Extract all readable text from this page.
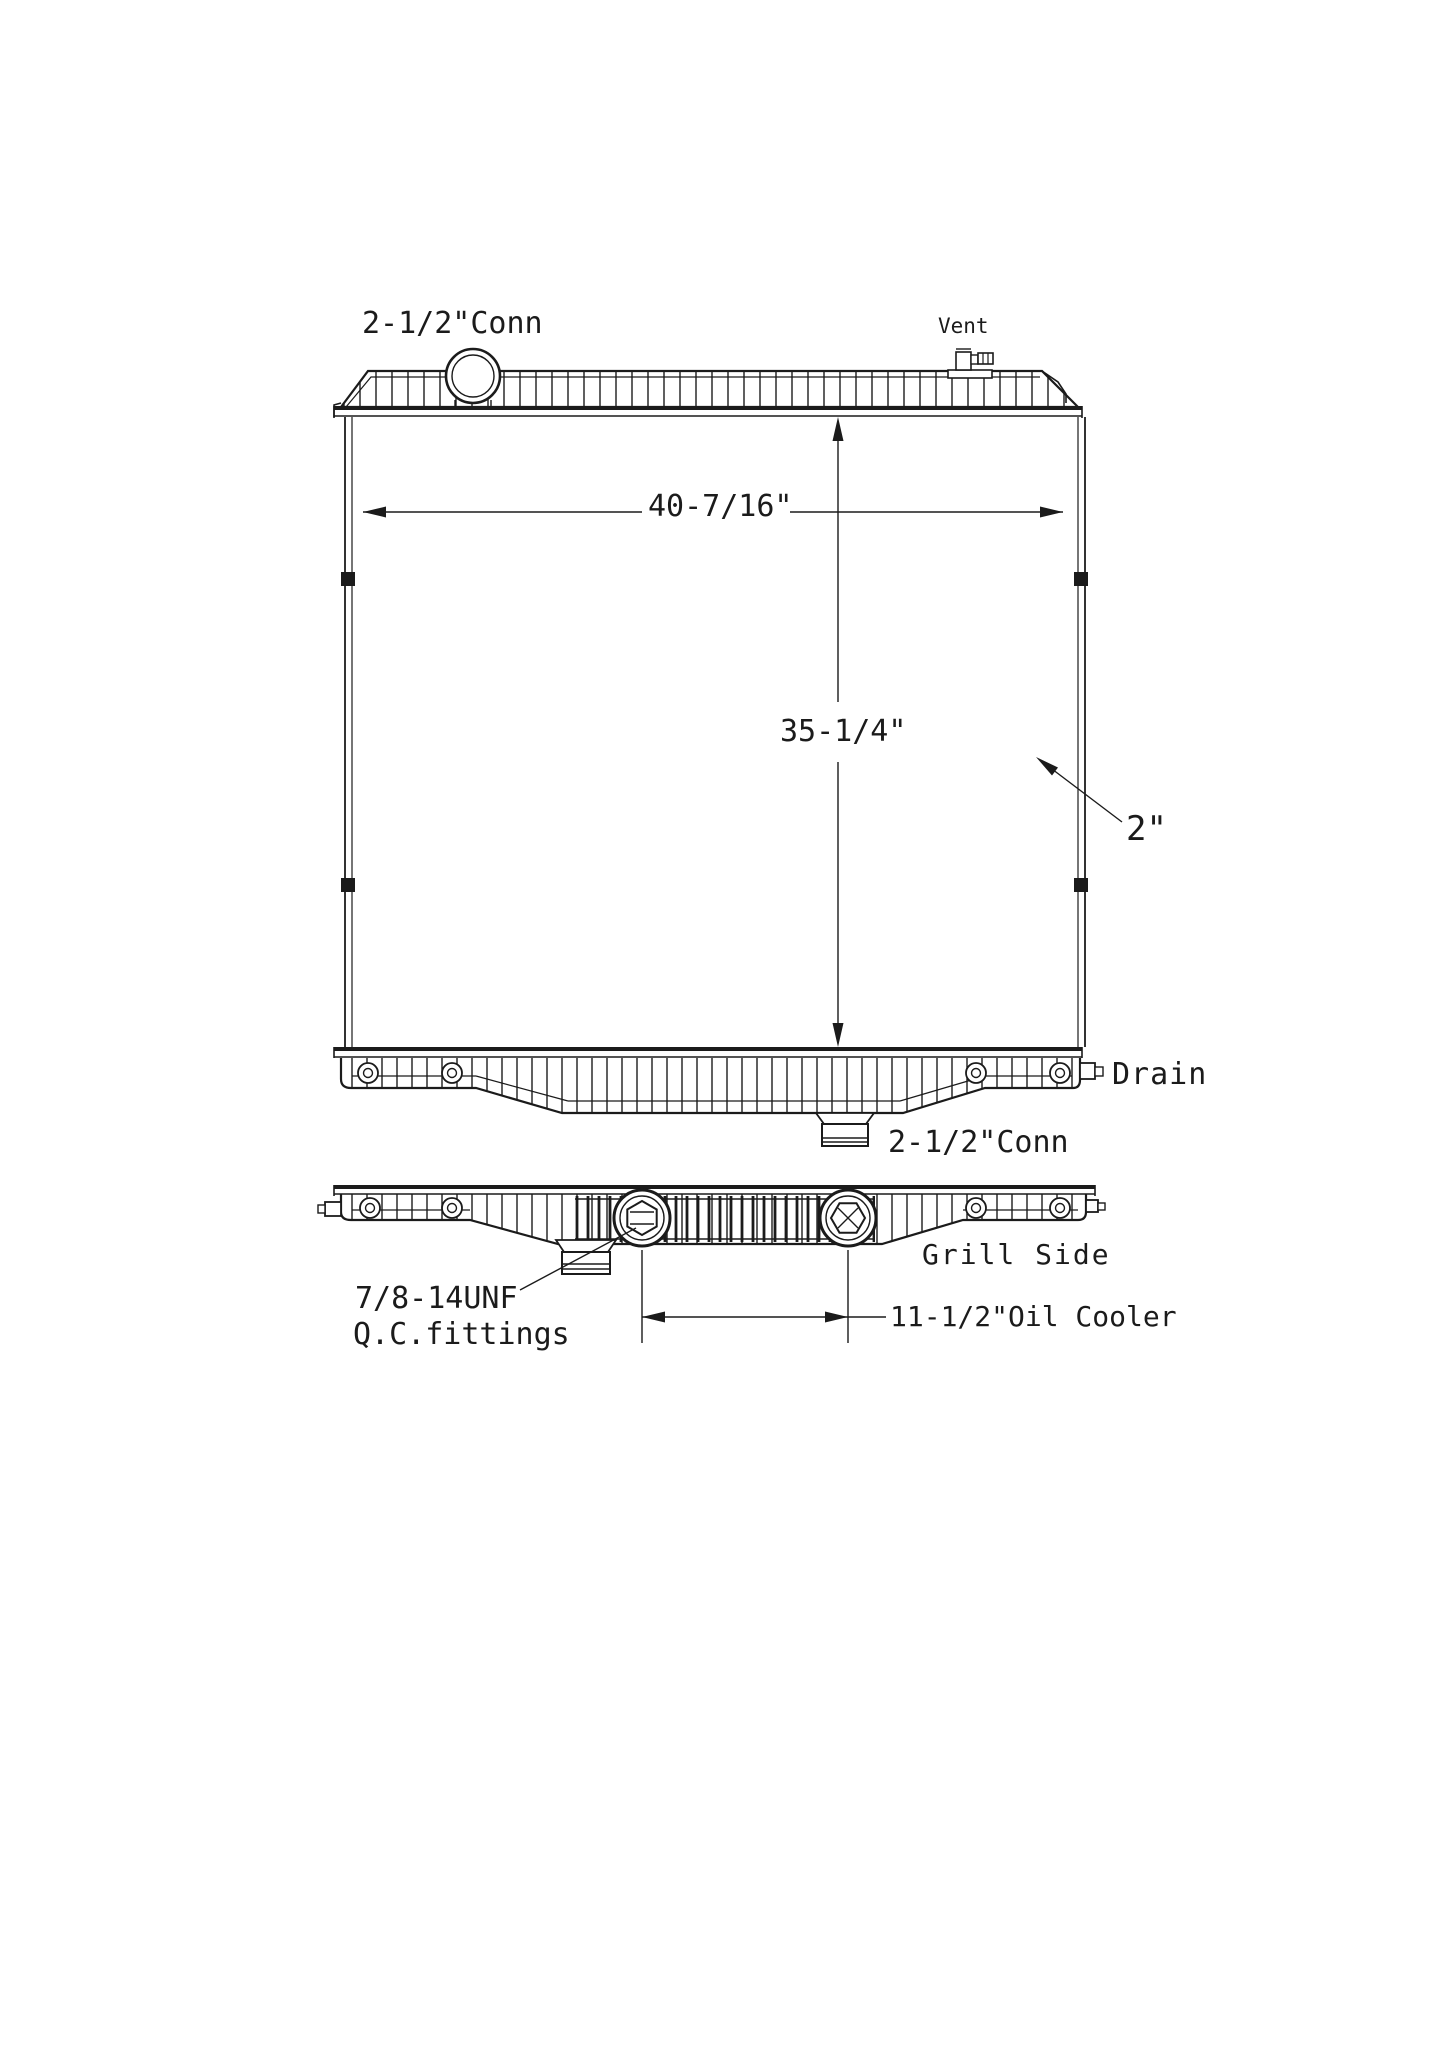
2-1/2"Conn	Vent
40-7/16"
35-1/4"
2"
Drain
2-1/2"Conn
Grill Side
7/8-14UNF
Q.C.fittings
11-1/2"Oil Cooler
